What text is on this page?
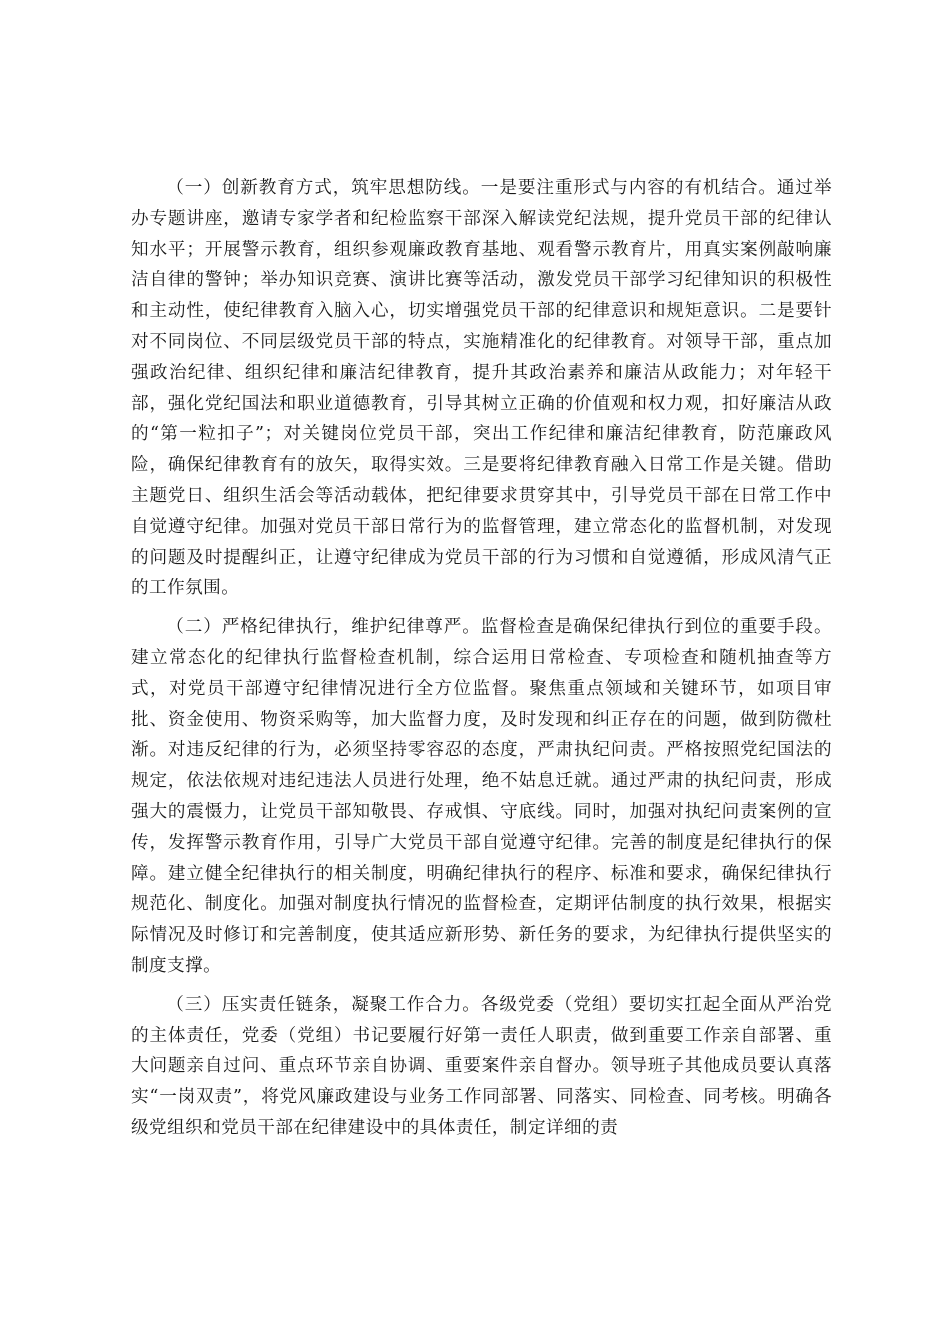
（一）创新教育方式，筑牢思想防线。一是要注重形式与内容的有机结合。通过举办专题讲座，邀请专家学者和纪检监察干部深入解读党纪法规，提升党员干部的纪律认知水平；开展警示教育，组织参观廉政教育基地、观看警示教育片，用真实案例敲响廉洁自律的警钟；举办知识竞赛、演讲比赛等活动，激发党员干部学习纪律知识的积极性和主动性，使纪律教育入脑入心，切实增强党员干部的纪律意识和规矩意识。二是要针对不同岗位、不同层级党员干部的特点，实施精准化的纪律教育。对领导干部，重点加强政治纪律、组织纪律和廉洁纪律教育，提升其政治素养和廉洁从政能力；对年轻干部，强化党纪国法和职业道德教育，引导其树立正确的价值观和权力观，扣好廉洁从政的“第一粒扣子”；对关键岗位党员干部，突出工作纪律和廉洁纪律教育，防范廉政风险，确保纪律教育有的放矢，取得实效。三是要将纪律教育融入日常工作是关键。借助主题党日、组织生活会等活动载体，把纪律要求贯穿其中，引导党员干部在日常工作中自觉遵守纪律。加强对党员干部日常行为的监督管理，建立常态化的监督机制，对发现的问题及时提醒纠正，让遵守纪律成为党员干部的行为习惯和自觉遵循，形成风清气正的工作氛围。

（二）严格纪律执行，维护纪律尊严。监督检查是确保纪律执行到位的重要手段。建立常态化的纪律执行监督检查机制，综合运用日常检查、专项检查和随机抽查等方式，对党员干部遵守纪律情况进行全方位监督。聚焦重点领域和关键环节，如项目审批、资金使用、物资采购等，加大监督力度，及时发现和纠正存在的问题，做到防微杜渐。对违反纪律的行为，必须坚持零容忍的态度，严肃执纪问责。严格按照党纪国法的规定，依法依规对违纪违法人员进行处理，绝不姑息迁就。通过严肃的执纪问责，形成强大的震慑力，让党员干部知敬畏、存戒惧、守底线。同时，加强对执纪问责案例的宣传，发挥警示教育作用，引导广大党员干部自觉遵守纪律。完善的制度是纪律执行的保障。建立健全纪律执行的相关制度，明确纪律执行的程序、标准和要求，确保纪律执行规范化、制度化。加强对制度执行情况的监督检查，定期评估制度的执行效果，根据实际情况及时修订和完善制度，使其适应新形势、新任务的要求，为纪律执行提供坚实的制度支撑。

（三）压实责任链条，凝聚工作合力。各级党委（党组）要切实扛起全面从严治党的主体责任，党委（党组）书记要履行好第一责任人职责，做到重要工作亲自部署、重大问题亲自过问、重点环节亲自协调、重要案件亲自督办。领导班子其他成员要认真落实“一岗双责”，将党风廉政建设与业务工作同部署、同落实、同检查、同考核。明确各级党组织和党员干部在纪律建设中的具体责任，制定详细的责
